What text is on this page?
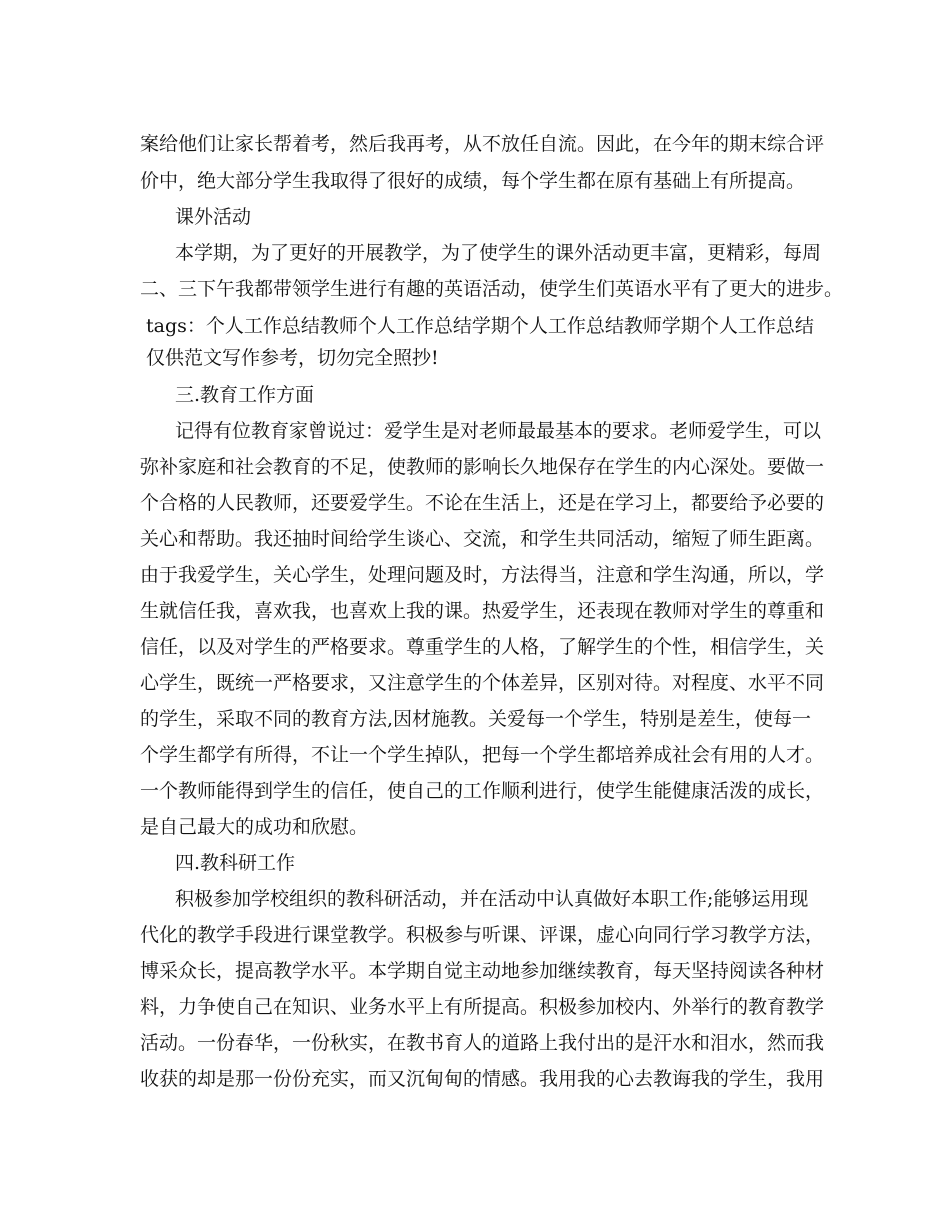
案给他们让家长帮着考，然后我再考，从不放任自流。因此，在今年的期末综合评
价中，绝大部分学生我取得了很好的成绩，每个学生都在原有基础上有所提高。
课外活动
本学期，为了更好的开展教学，为了使学生的课外活动更丰富，更精彩，每周
二、三下午我都带领学生进行有趣的英语活动，使学生们英语水平有了更大的进步。
tags：个人工作总结教师个人工作总结学期个人工作总结教师学期个人工作总结
仅供范文写作参考，切勿完全照抄!
三.教育工作方面
记得有位教育家曾说过：爱学生是对老师最最基本的要求。老师爱学生，可以
弥补家庭和社会教育的不足，使教师的影响长久地保存在学生的内心深处。要做一
个合格的人民教师，还要爱学生。不论在生活上，还是在学习上，都要给予必要的
关心和帮助。我还抽时间给学生谈心、交流，和学生共同活动，缩短了师生距离。
由于我爱学生，关心学生，处理问题及时，方法得当，注意和学生沟通，所以，学
生就信任我，喜欢我，也喜欢上我的课。热爱学生，还表现在教师对学生的尊重和
信任，以及对学生的严格要求。尊重学生的人格，了解学生的个性，相信学生，关
心学生，既统一严格要求，又注意学生的个体差异，区别对待。对程度、水平不同
的学生，采取不同的教育方法,因材施教。关爱每一个学生，特别是差生，使每一
个学生都学有所得，不让一个学生掉队，把每一个学生都培养成社会有用的人才。
一个教师能得到学生的信任，使自己的工作顺利进行，使学生能健康活泼的成长，
是自己最大的成功和欣慰。
四.教科研工作
积极参加学校组织的教科研活动，并在活动中认真做好本职工作;能够运用现
代化的教学手段进行课堂教学。积极参与听课、评课，虚心向同行学习教学方法，
博采众长，提高教学水平。本学期自觉主动地参加继续教育，每天坚持阅读各种材
料，力争使自己在知识、业务水平上有所提高。积极参加校内、外举行的教育教学
活动。一份春华，一份秋实，在教书育人的道路上我付出的是汗水和泪水，然而我
收获的却是那一份份充实，而又沉甸甸的情感。我用我的心去教诲我的学生，我用
